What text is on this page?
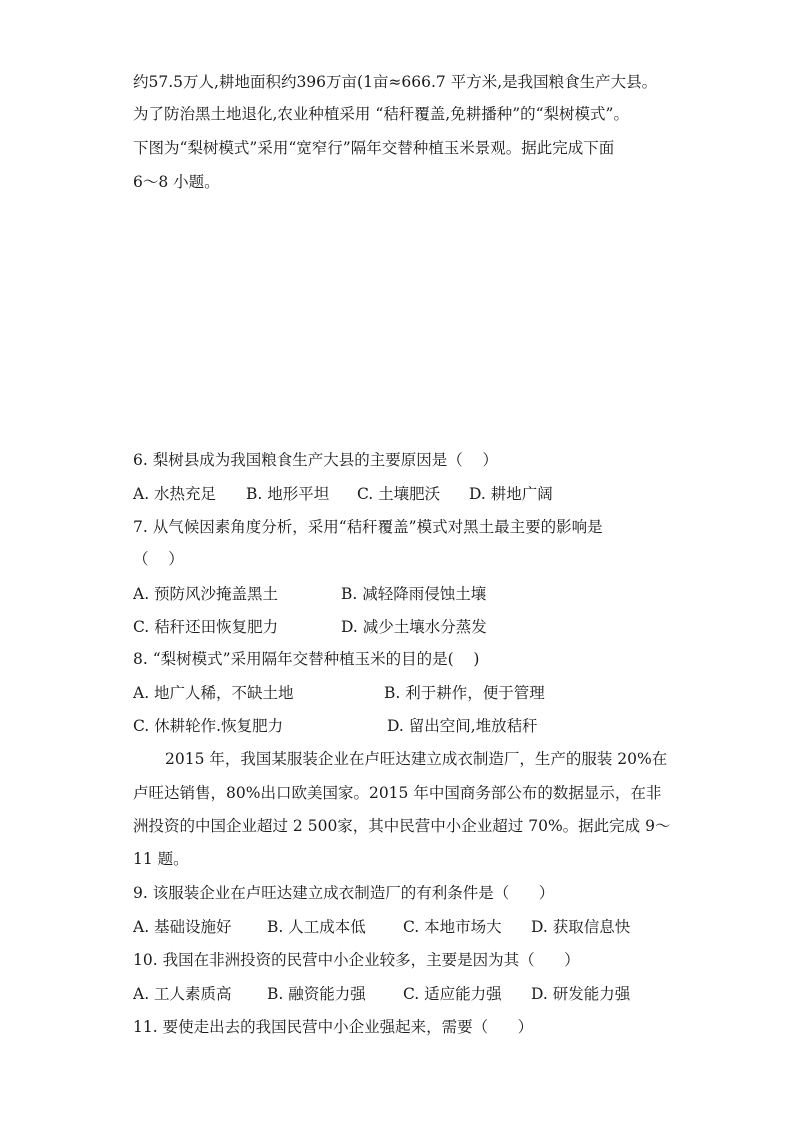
约57.5万人,耕地面积约396万亩(1亩≈666.7 平方米,是我国粮食生产大县。
为了防治黑土地退化,农业种植采用 “秸秆覆盖,免耕播种”的“梨树模式”。
下图为“梨树模式”采用“宽窄行”隔年交替种植玉米景观。据此完成下面
6～8 小题。
6. 梨树县成为我国粮食生产大县的主要原因是（    ）
A. 水热充足 B. 地形平坦 C. 土壤肥沃 D. 耕地广阔
7. 从气候因素角度分析，采用“秸秆覆盖”模式对黑土最主要的影响是
（    ）
A. 预防风沙掩盖黑土	B. 减轻降雨侵蚀土壤
C. 秸秆还田恢复肥力	D. 减少土壤水分蒸发
8. “梨树模式”采用隔年交替种植玉米的目的是(    )
A. 地广人稀，不缺土地	B. 利于耕作，便于管理
C. 休耕轮作.恢复肥力	D. 留出空间,堆放秸秆
2015 年，我国某服装企业在卢旺达建立成衣制造厂，生产的服装 20%在
卢旺达销售，80%出口欧美国家。2015 年中国商务部公布的数据显示，在非
洲投资的中国企业超过 2 500家，其中民营中小企业超过 70%。据此完成 9～
11 题。
9. 该服装企业在卢旺达建立成衣制造厂的有利条件是（      ）
A. 基础设施好 B. 人工成本低 C. 本地市场大 D. 获取信息快
10. 我国在非洲投资的民营中小企业较多，主要是因为其（      ）
A. 工人素质高 B. 融资能力强 C. 适应能力强 D. 研发能力强
11. 要使走出去的我国民营中小企业强起来，需要（      ）
